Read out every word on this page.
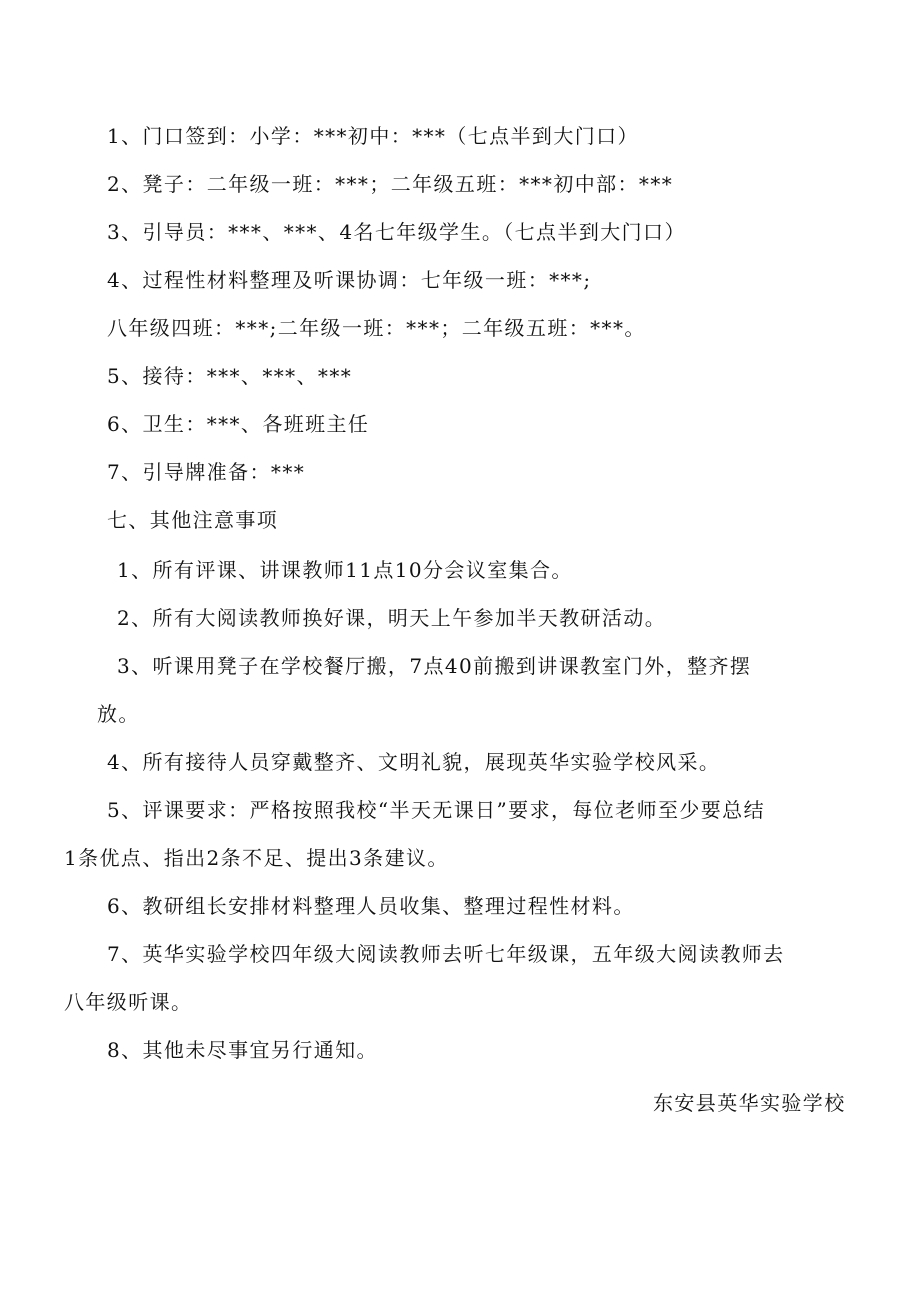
1、门口签到：小学：***初中：***（七点半到大门口）
2、凳子：二年级一班：***；二年级五班：***初中部：***
3、引导员：***、***、4名七年级学生。（七点半到大门口）
4、过程性材料整理及听课协调：七年级一班：***;
八年级四班：***;二年级一班：***；二年级五班：***。
5、接待：***、***、***
6、卫生：***、各班班主任
7、引导牌准备：***
七、其他注意事项
1、所有评课、讲课教师11点10分会议室集合。
2、所有大阅读教师换好课，明天上午参加半天教研活动。
3、听课用凳子在学校餐厅搬，7点40前搬到讲课教室门外，整齐摆
放。
4、所有接待人员穿戴整齐、文明礼貌，展现英华实验学校风采。
5、评课要求：严格按照我校“半天无课日”要求，每位老师至少要总结
1条优点、指出2条不足、提出3条建议。
6、教研组长安排材料整理人员收集、整理过程性材料。
7、英华实验学校四年级大阅读教师去听七年级课，五年级大阅读教师去
八年级听课。
8、其他未尽事宜另行通知。
东安县英华实验学校
